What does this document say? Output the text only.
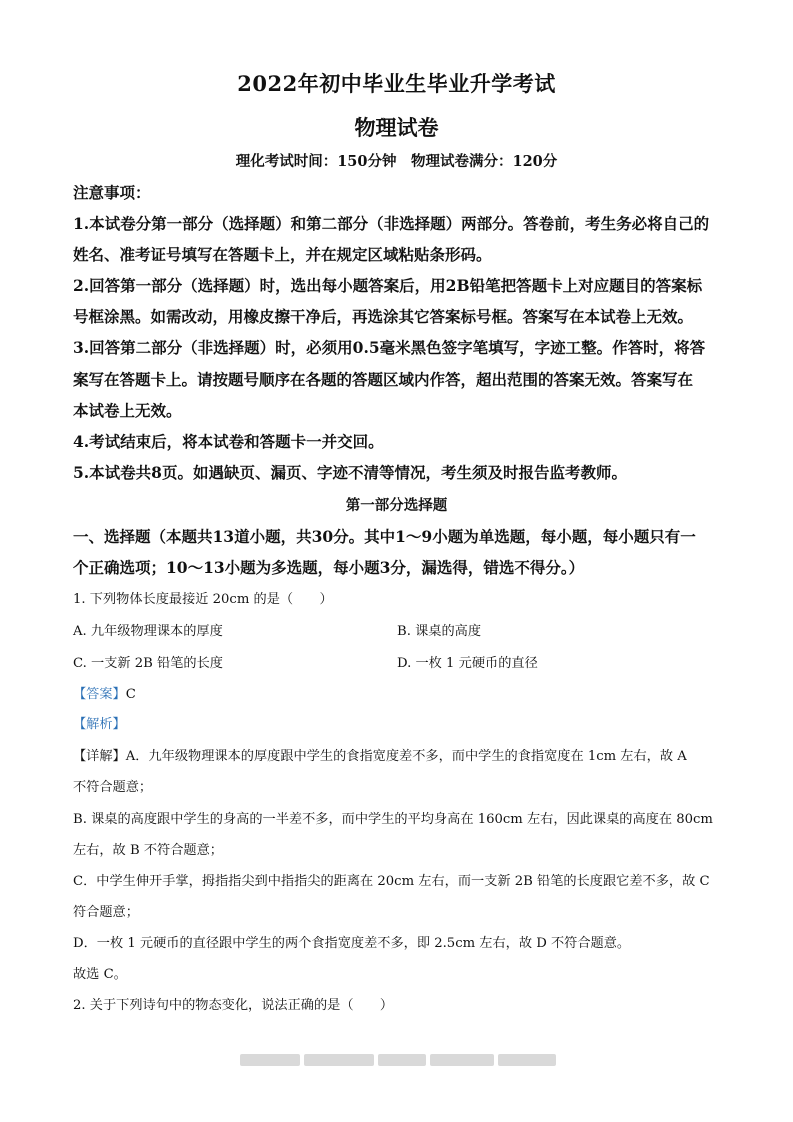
2022年初中毕业生毕业升学考试
物理试卷
理化考试时间：150分钟　物理试卷满分：120分
注意事项：
1.本试卷分第一部分（选择题）和第二部分（非选择题）两部分。答卷前，考生务必将自己的
姓名、准考证号填写在答题卡上，并在规定区域粘贴条形码。
2.回答第一部分（选择题）时，选出每小题答案后，用2B铅笔把答题卡上对应题目的答案标
号框涂黑。如需改动，用橡皮擦干净后，再选涂其它答案标号框。答案写在本试卷上无效。
3.回答第二部分（非选择题）时，必须用0.5毫米黑色签字笔填写，字迹工整。作答时，将答
案写在答题卡上。请按题号顺序在各题的答题区域内作答，超出范围的答案无效。答案写在
本试卷上无效。
4.考试结束后，将本试卷和答题卡一并交回。
5.本试卷共8页。如遇缺页、漏页、字迹不清等情况，考生须及时报告监考教师。
第一部分选择题
一、选择题（本题共13道小题，共30分。其中1～9小题为单选题，每小题，每小题只有一
个正确选项；10～13小题为多选题，每小题3分，漏选得，错选不得分。）
1. 下列物体长度最接近 20cm 的是（　　）
A. 九年级物理课本的厚度	B. 课桌的高度
C. 一支新 2B 铅笔的长度	D. 一枚 1 元硬币的直径
【答案】C
【解析】
【详解】A．九年级物理课本的厚度跟中学生的食指宽度差不多，而中学生的食指宽度在 1cm 左右，故 A
不符合题意；
B. 课桌的高度跟中学生的身高的一半差不多，而中学生的平均身高在 160cm 左右，因此课桌的高度在 80cm
左右，故 B 不符合题意；
C．中学生伸开手掌，拇指指尖到中指指尖的距离在 20cm 左右，而一支新 2B 铅笔的长度跟它差不多，故 C
符合题意；
D．一枚 1 元硬币的直径跟中学生的两个食指宽度差不多，即 2.5cm 左右，故 D 不符合题意。
故选 C。
2. 关于下列诗句中的物态变化，说法正确的是（　　）
